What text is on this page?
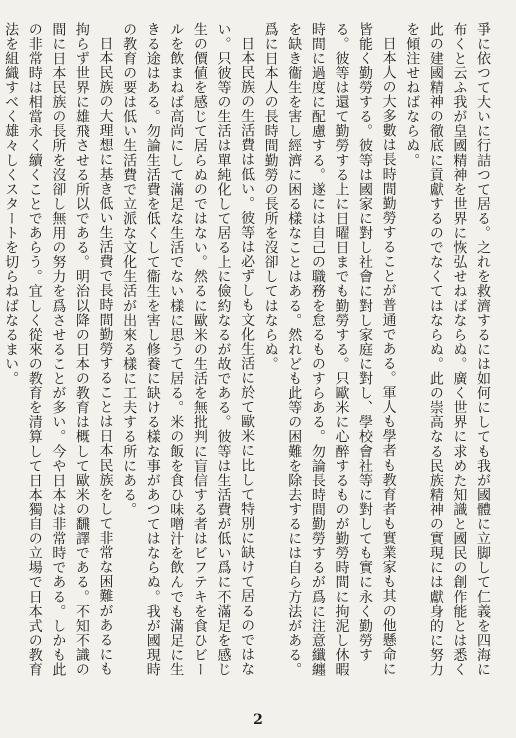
爭に依つて大いに行詰つて居る。之れを救濟するには如何にしても我が國體に立脚して仁義を四海に布くと云ふ我が皇國精神を世界に恢弘せねばならぬ。廣く世界に求めた知識と國民の創作能とは悉く此の建國精神の徹底に貢獻するのでなくてはならぬ。此の崇高なる民族精神の實現には獻身的に努力を傾注せねばならぬ。

日本人の大多數は長時間勤勞することが普通である。軍人も學者も教育者も實業家も其の他懸命に皆能く勤勞する。彼等は國家に對し社會に對し家庭に對し、學校會社等に對しても實に永く勤勞する。彼等は還て勤勞する上に日曜日までも勤勞する。只歐米に心醉するものが勤勞時間に拘泥し休暇時間に過度に配慮する。遂には自己の職務を怠るものすらある。勿論長時間勤勞するが爲に注意纖纏を缺き衞生を害し經濟に困る樣なことはある。然れども此等の困難を除去するには自ら方法がある。爲に日本人の長時間勤勞の長所を沒卻してはならぬ。

日本民族の生活費は低い。彼等は必ずしも文化生活に於て歐米に比して特別に缺けて居るのではない。只彼等の生活は單純化して居る上に儉約なるが故である。彼等は生活費が低い爲に不滿足を感じ生の價値を感じて居らぬのではない。然るに歐米の生活を無批判に盲信する者はビフテキを食ひビールを飲まねば高尚にして滿足な生活でない樣に思うて居る。米の飯を食ひ味噌汁を飲んでも滿足に生きる途はある。勿論生活費を低くして衞生を害し修養に缺ける樣な事があつてはならぬ。我が國現時の教育の要は低い生活費で立派な文化生活が出來る樣に工夫する所にある。

日本民族の大理想に基き低い生活費で長時間勤勞することは日本民族をして非常な困難があるにも拘らず世界に雄飛させる所以である。明治以降の日本の教育は概して歐米の飜譯である。不知不識の間に日本民族の長所を沒卻し無用の努力を爲させることが多い。今や日本は非常時である。しかも此の非常時は相當永く續くことであらう。宜しく從來の教育を清算して日本獨自の立場で日本式の教育法を組織すべく雄々しくスタートを切らねばなるまい。

2
